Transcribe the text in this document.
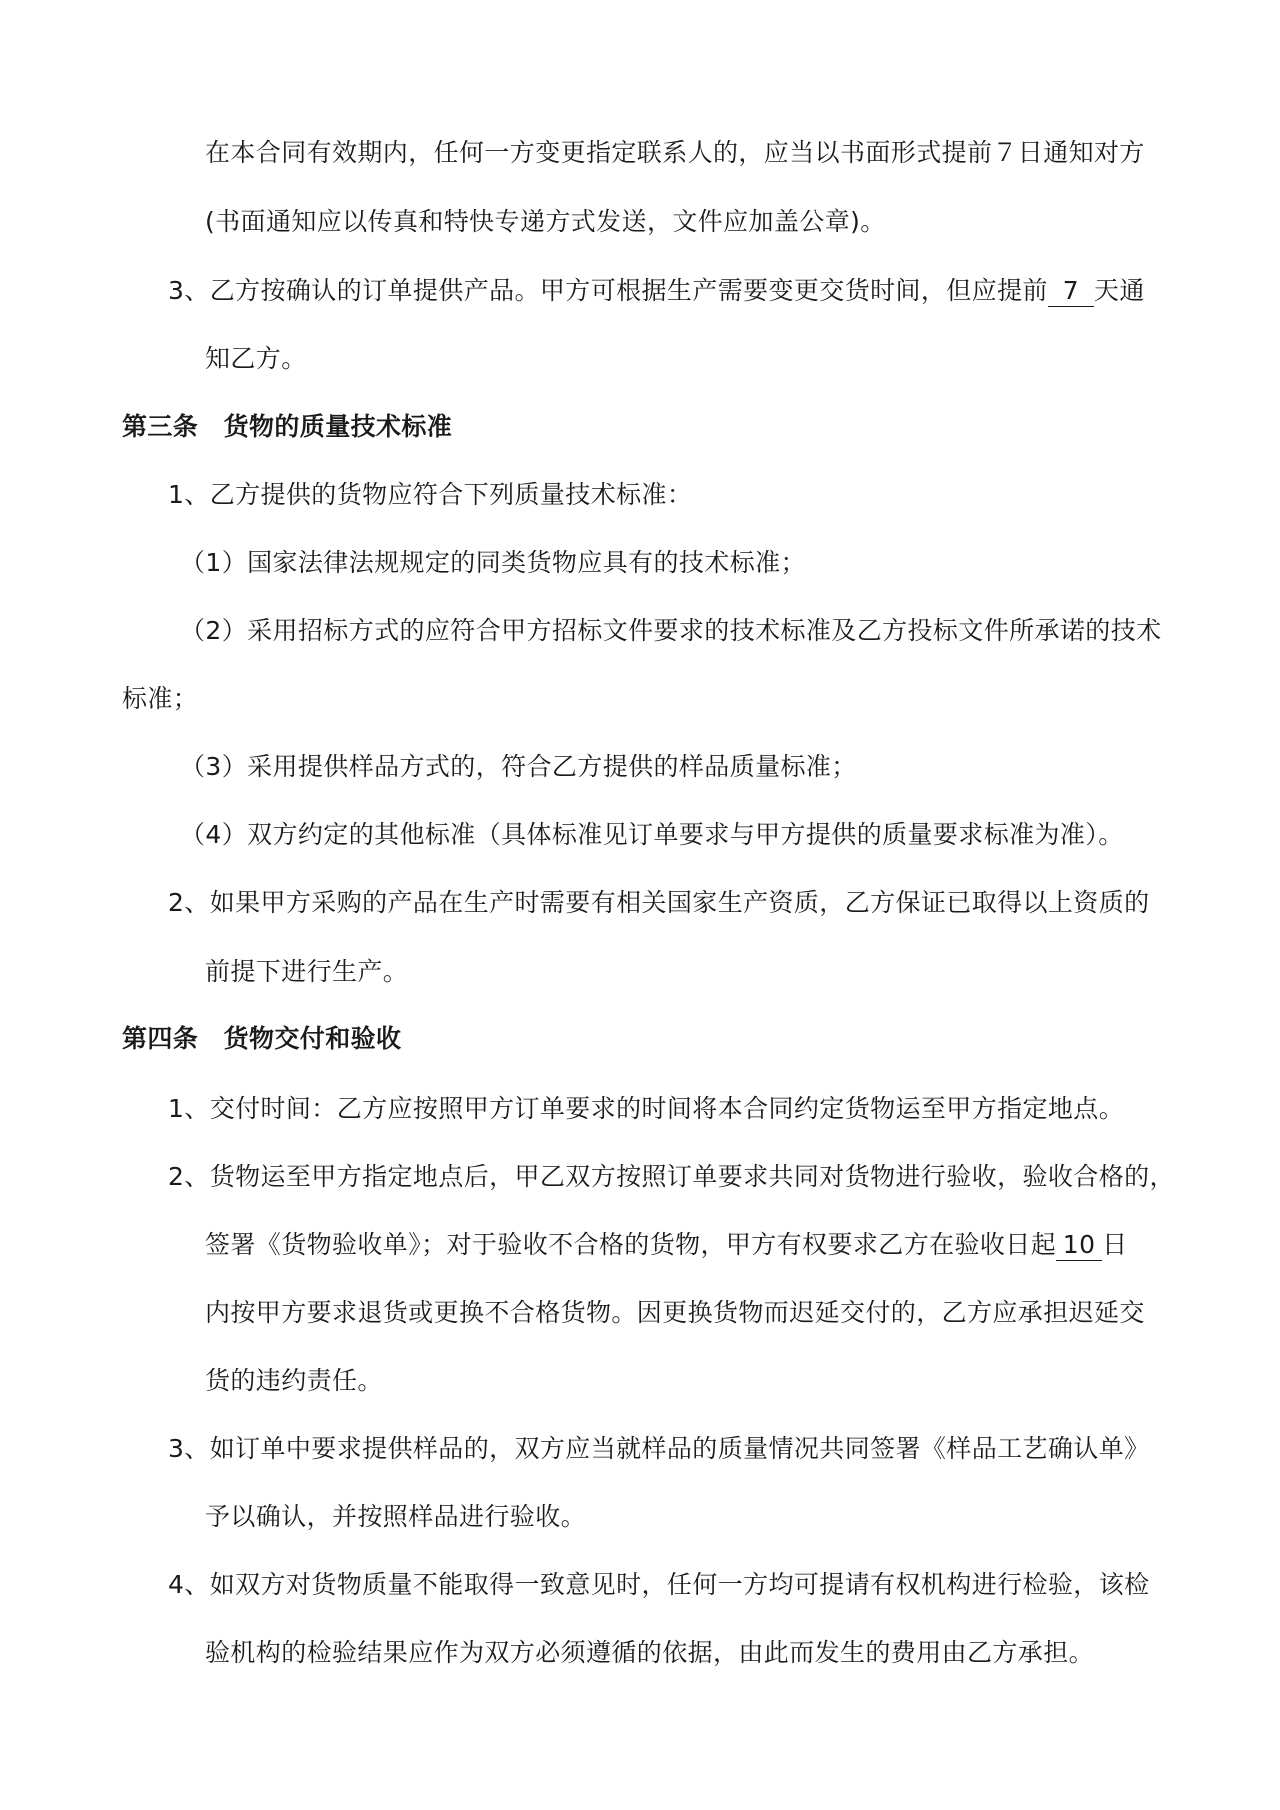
在本合同有效期内，任何一方变更指定联系人的，应当以书面形式提前７日通知对方
(书面通知应以传真和特快专递方式发送，文件应加盖公章)。
3、乙方按确认的订单提供产品。甲方可根据生产需要变更交货时间，但应提前 7 天通
知乙方。
第三条　货物的质量技术标准
1、乙方提供的货物应符合下列质量技术标准：
（1）国家法律法规规定的同类货物应具有的技术标准；
（2）采用招标方式的应符合甲方招标文件要求的技术标准及乙方投标文件所承诺的技术
标准；
（3）采用提供样品方式的，符合乙方提供的样品质量标准；
（4）双方约定的其他标准（具体标准见订单要求与甲方提供的质量要求标准为准）。
2、如果甲方采购的产品在生产时需要有相关国家生产资质，乙方保证已取得以上资质的
前提下进行生产。
第四条　货物交付和验收
1、交付时间：乙方应按照甲方订单要求的时间将本合同约定货物运至甲方指定地点。
2、货物运至甲方指定地点后，甲乙双方按照订单要求共同对货物进行验收，验收合格的，
签署《货物验收单》；对于验收不合格的货物，甲方有权要求乙方在验收日起 10 日
内按甲方要求退货或更换不合格货物。因更换货物而迟延交付的，乙方应承担迟延交
货的违约责任。
3、如订单中要求提供样品的，双方应当就样品的质量情况共同签署《样品工艺确认单》
予以确认，并按照样品进行验收。
4、如双方对货物质量不能取得一致意见时，任何一方均可提请有权机构进行检验，该检
验机构的检验结果应作为双方必须遵循的依据，由此而发生的费用由乙方承担。
